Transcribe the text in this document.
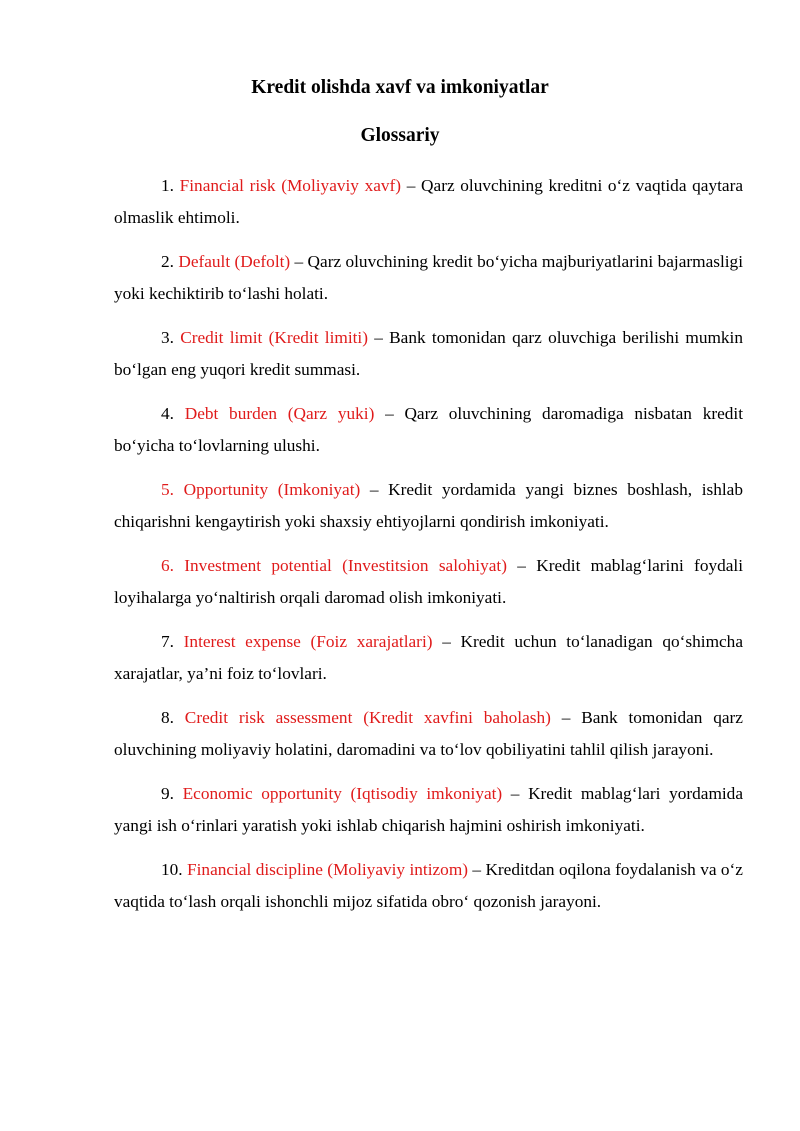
Kredit olishda xavf va imkoniyatlar
Glossariy

1. Financial risk (Moliyaviy xavf) – Qarz oluvchining kreditni o‘z vaqtida qaytara olmaslik ehtimoli.

2. Default (Defolt) – Qarz oluvchining kredit bo‘yicha majburiyatlarini bajarmasligi yoki kechiktirib to‘lashi holati.

3. Credit limit (Kredit limiti) – Bank tomonidan qarz oluvchiga berilishi mumkin bo‘lgan eng yuqori kredit summasi.

4. Debt burden (Qarz yuki) – Qarz oluvchining daromadiga nisbatan kredit bo‘yicha to‘lovlarning ulushi.

5. Opportunity (Imkoniyat) – Kredit yordamida yangi biznes boshlash, ishlab chiqarishni kengaytirish yoki shaxsiy ehtiyojlarni qondirish imkoniyati.

6. Investment potential (Investitsion salohiyat) – Kredit mablag‘larini foydali loyihalarga yo‘naltirish orqali daromad olish imkoniyati.

7. Interest expense (Foiz xarajatlari) – Kredit uchun to‘lanadigan qo‘shimcha xarajatlar, ya’ni foiz to‘lovlari.

8. Credit risk assessment (Kredit xavfini baholash) – Bank tomonidan qarz oluvchining moliyaviy holatini, daromadini va to‘lov qobiliyatini tahlil qilish jarayoni.

9. Economic opportunity (Iqtisodiy imkoniyat) – Kredit mablag‘lari yordamida yangi ish o‘rinlari yaratish yoki ishlab chiqarish hajmini oshirish imkoniyati.

10. Financial discipline (Moliyaviy intizom) – Kreditdan oqilona foydalanish va o‘z vaqtida to‘lash orqali ishonchli mijoz sifatida obro‘ qozonish jarayoni.
